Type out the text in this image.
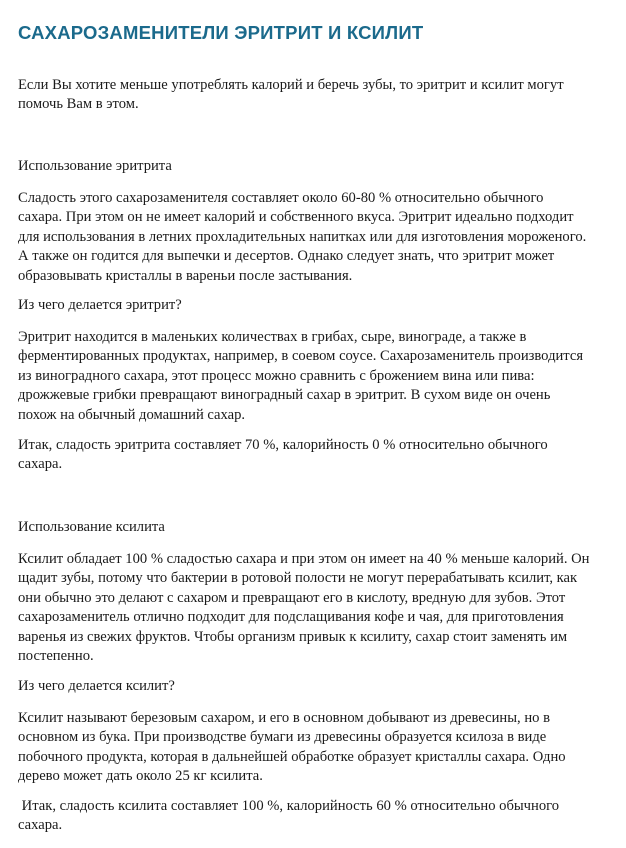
САХАРОЗАМЕНИТЕЛИ ЭРИТРИТ И КСИЛИТ

Если Вы хотите меньше употреблять калорий и беречь зубы, то эритрит и ксилит могут
помочь Вам в этом.

Использование эритрита

Сладость этого сахарозаменителя составляет около 60-80 % относительно обычного
сахара. При этом он не имеет калорий и собственного вкуса. Эритрит идеально подходит
для использования в летних прохладительных напитках или для изготовления мороженого.
А также он годится для выпечки и десертов. Однако следует знать, что эритрит может
образовывать кристаллы в вареньи после застывания.

Из чего делается эритрит?

Эритрит находится в маленьких количествах в грибах, сыре, винограде, а также в
ферментированных продуктах, например, в соевом соусе. Сахарозаменитель производится
из виноградного сахара, этот процесс можно сравнить с брожением вина или пива:
дрожжевые грибки превращают виноградный сахар в эритрит. В сухом виде он очень
похож на обычный домашний сахар.

Итак, сладость эритрита составляет 70 %, калорийность 0 % относительно обычного
сахара.

Использование ксилита

Ксилит обладает 100 % сладостью сахара и при этом он имеет на 40 % меньше калорий. Он
щадит зубы, потому что бактерии в ротовой полости не могут перерабатывать ксилит, как
они обычно это делают с сахаром и превращают его в кислоту, вредную для зубов. Этот
сахарозаменитель отлично подходит для подслащивания кофе и чая, для приготовления
варенья из свежих фруктов. Чтобы организм привык к ксилиту, сахар стоит заменять им
постепенно.

Из чего делается ксилит?

Ксилит называют березовым сахаром, и его в основном добывают из древесины, но в
основном из бука. При производстве бумаги из древесины образуется ксилоза в виде
побочного продукта, которая в дальнейшей обработке образует кристаллы сахара. Одно
дерево может дать около 25 кг ксилита.

Итак, сладость ксилита составляет 100 %, калорийность 60 % относительно обычного
сахара.
